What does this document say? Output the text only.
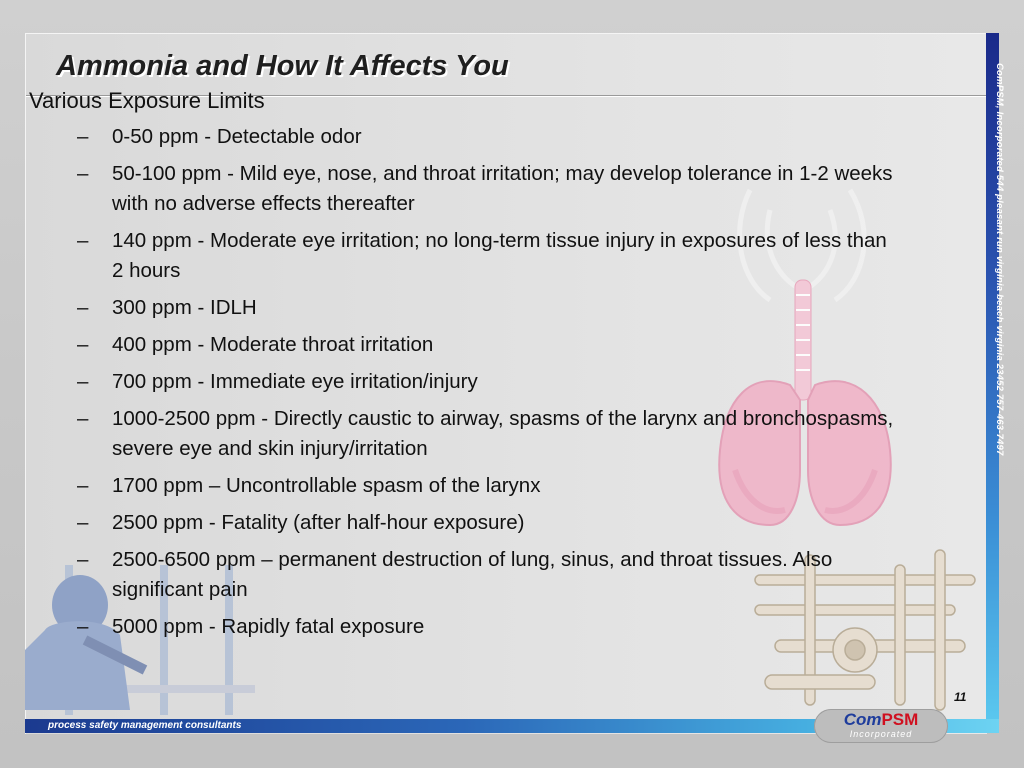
Ammonia and How It Affects You

Various Exposure Limits

– 0-50 ppm - Detectable odor
– 50-100 ppm - Mild eye, nose, and throat irritation; may develop tolerance in 1-2 weeks with no adverse effects thereafter
– 140 ppm - Moderate eye irritation; no long-term tissue injury in exposures of less than 2 hours
– 300 ppm - IDLH
– 400 ppm - Moderate throat irritation
– 700 ppm - Immediate eye irritation/injury
– 1000-2500 ppm - Directly caustic to airway, spasms of the larynx and bronchospasms, severe eye and skin injury/irritation
– 1700 ppm – Uncontrollable spasm of the larynx
– 2500 ppm - Fatality (after half-hour exposure)
– 2500-6500 ppm – permanent destruction of lung, sinus, and throat tissues. Also significant pain
– 5000 ppm - Rapidly fatal exposure
ComPSM, Incorporated 544 pleasant run virginia beach virginia 23452 757-463-7497
process safety management consultants
11
ComPSM
Incorporated
